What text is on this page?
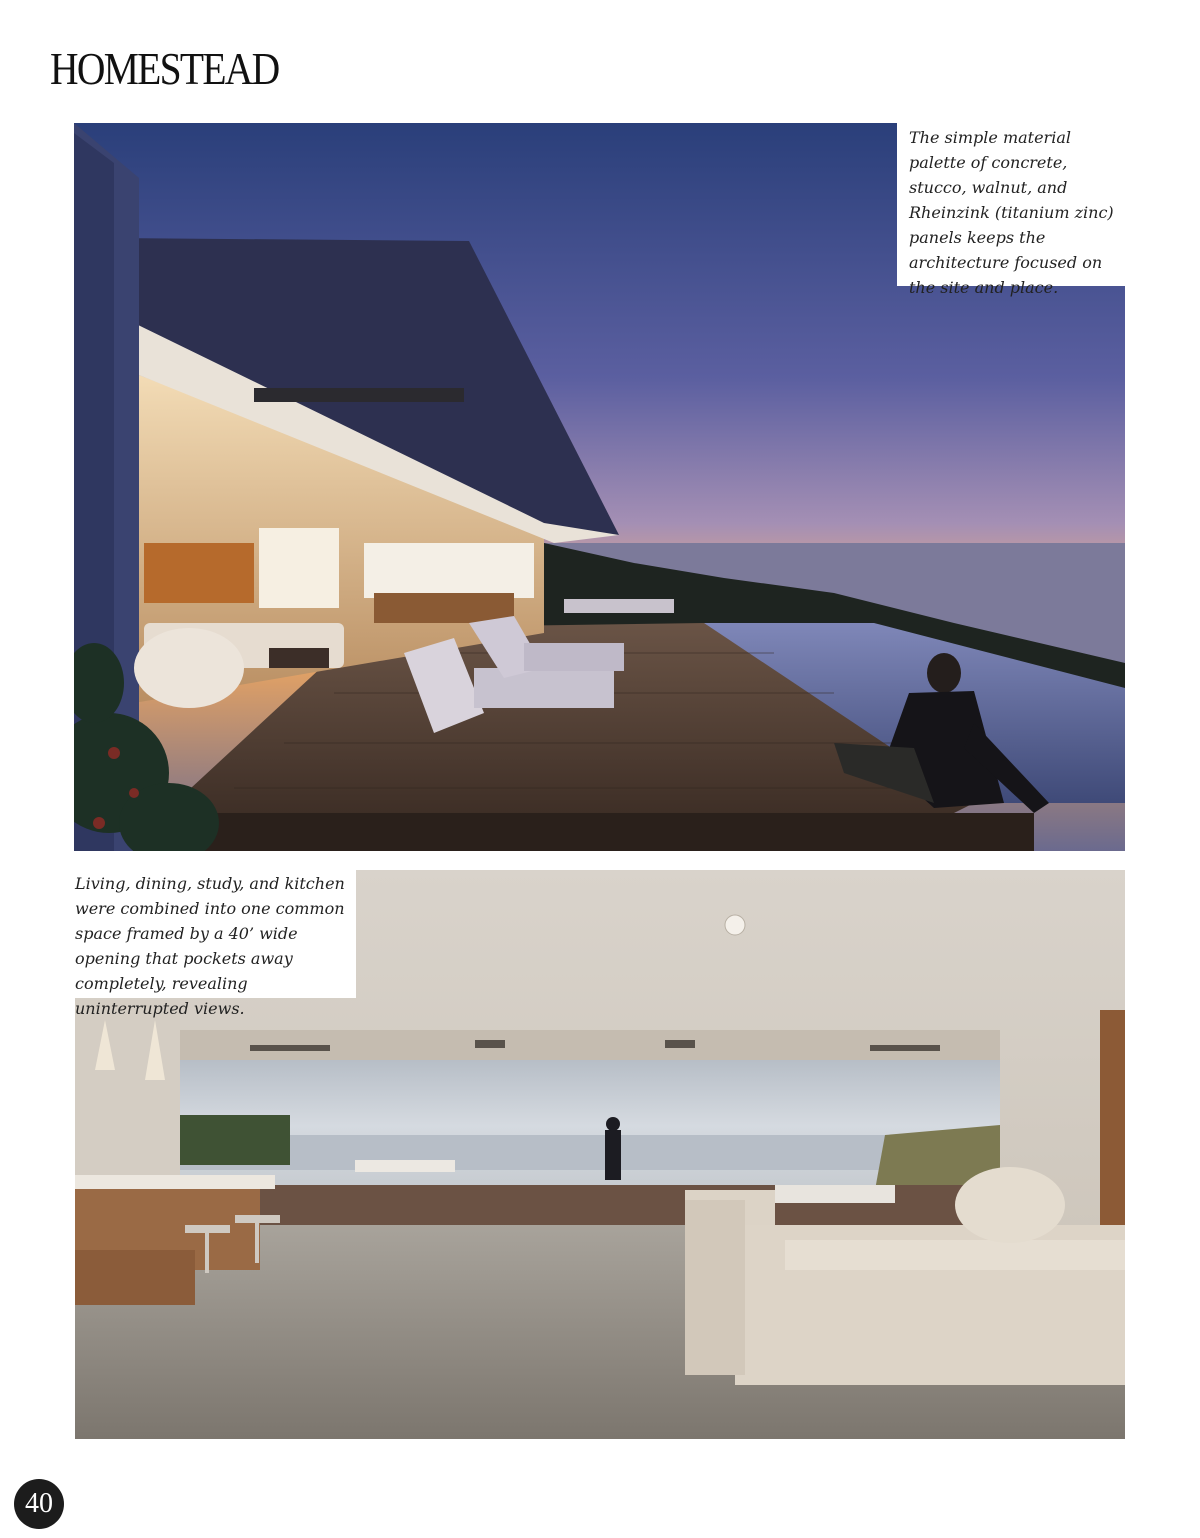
HOMESTEAD
The simple material palette of concrete, stucco, walnut, and Rheinzink (titanium zinc) panels keeps the architecture focused on the site and place.
Living, dining, study, and kitchen were combined into one common space framed by a 40’ wide opening that pockets away completely, revealing uninterrupted views.
40
